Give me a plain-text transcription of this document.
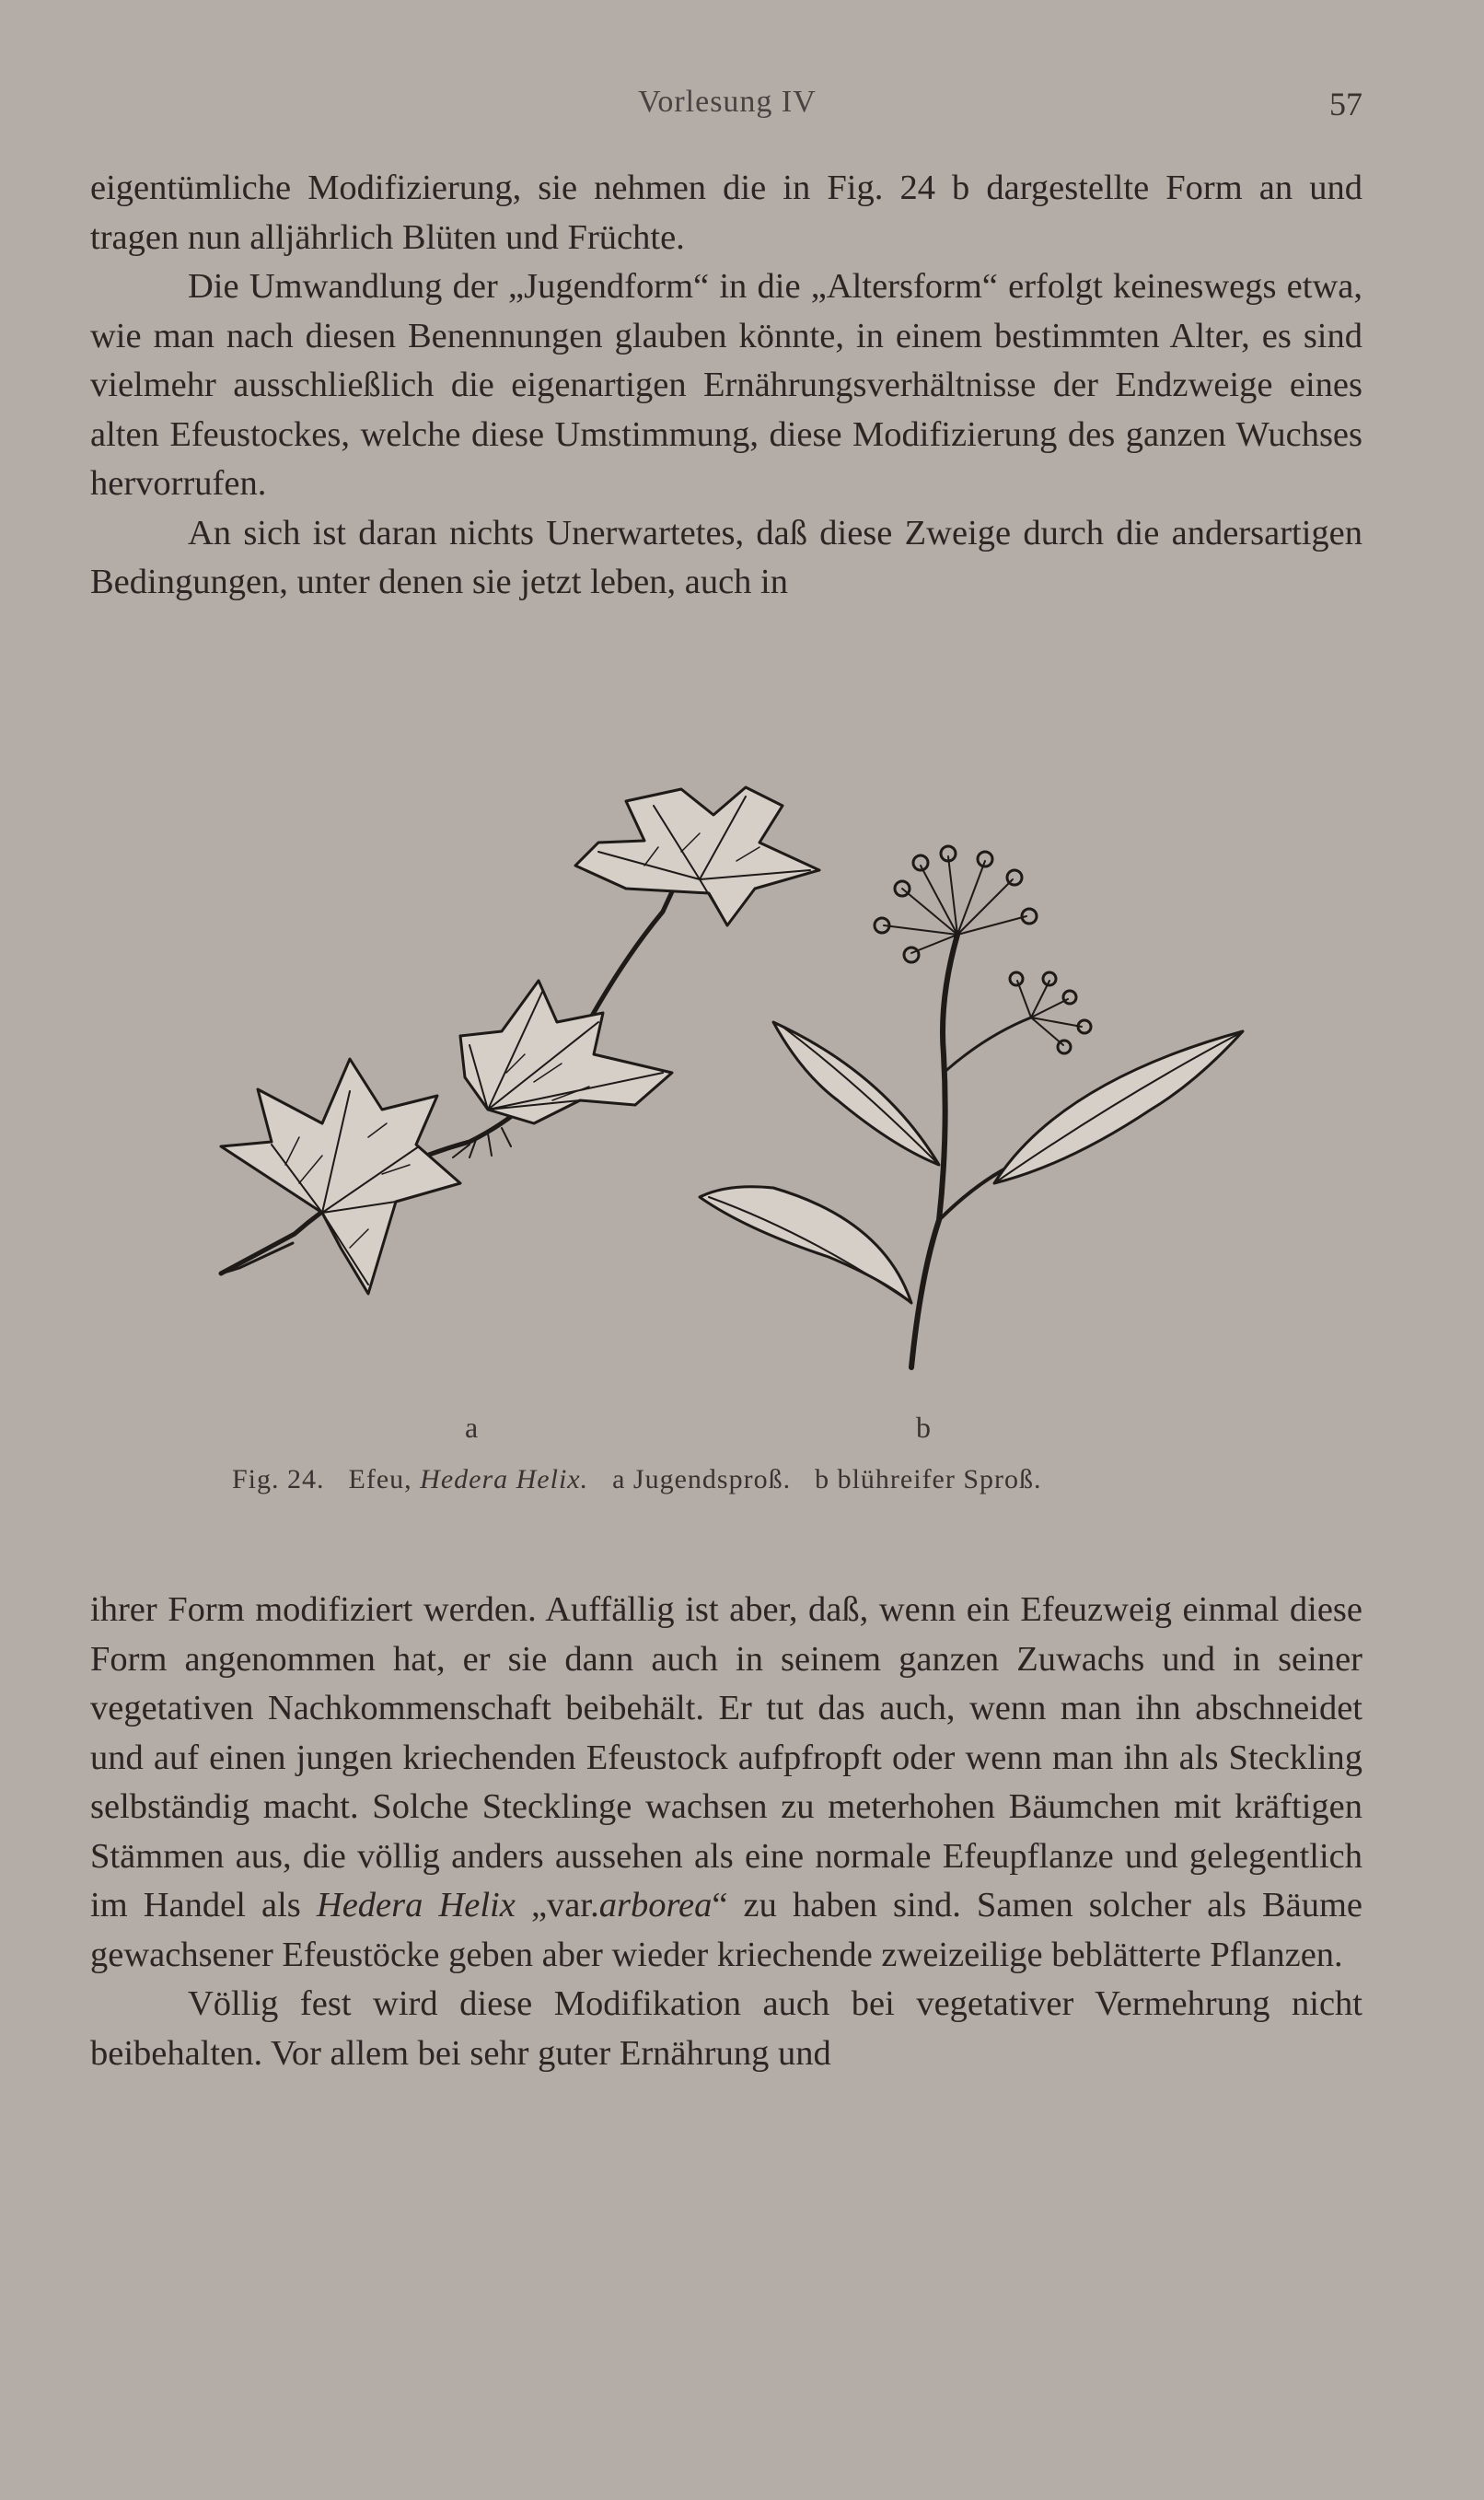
Vorlesung IV	57

eigentümliche Modifizierung, sie nehmen die in Fig. 24 b dargestellte Form an und tragen nun alljährlich Blüten und Früchte.

Die Umwandlung der „Jugendform“ in die „Altersform“ erfolgt keineswegs etwa, wie man nach diesen Benennungen glauben könnte, in einem bestimmten Alter, es sind vielmehr ausschließlich die eigenartigen Ernährungsverhältnisse der Endzweige eines alten Efeustockes, welche diese Umstimmung, diese Modifizierung des ganzen Wuchses hervorrufen.

An sich ist daran nichts Unerwartetes, daß diese Zweige durch die andersartigen Bedingungen, unter denen sie jetzt leben, auch in

a	b
Fig. 24. Efeu, Hedera Helix. a Jugendsproß. b blühreifer Sproß.

ihrer Form modifiziert werden. Auffällig ist aber, daß, wenn ein Efeuzweig einmal diese Form angenommen hat, er sie dann auch in seinem ganzen Zuwachs und in seiner vegetativen Nachkommenschaft beibehält. Er tut das auch, wenn man ihn abschneidet und auf einen jungen kriechenden Efeustock aufpfropft oder wenn man ihn als Steckling selbständig macht. Solche Stecklinge wachsen zu meterhohen Bäumchen mit kräftigen Stämmen aus, die völlig anders aussehen als eine normale Efeupflanze und gelegentlich im Handel als Hedera Helix „var.arborea“ zu haben sind. Samen solcher als Bäume gewachsener Efeustöcke geben aber wieder kriechende zweizeilige beblätterte Pflanzen.

Völlig fest wird diese Modifikation auch bei vegetativer Vermehrung nicht beibehalten. Vor allem bei sehr guter Ernährung und
